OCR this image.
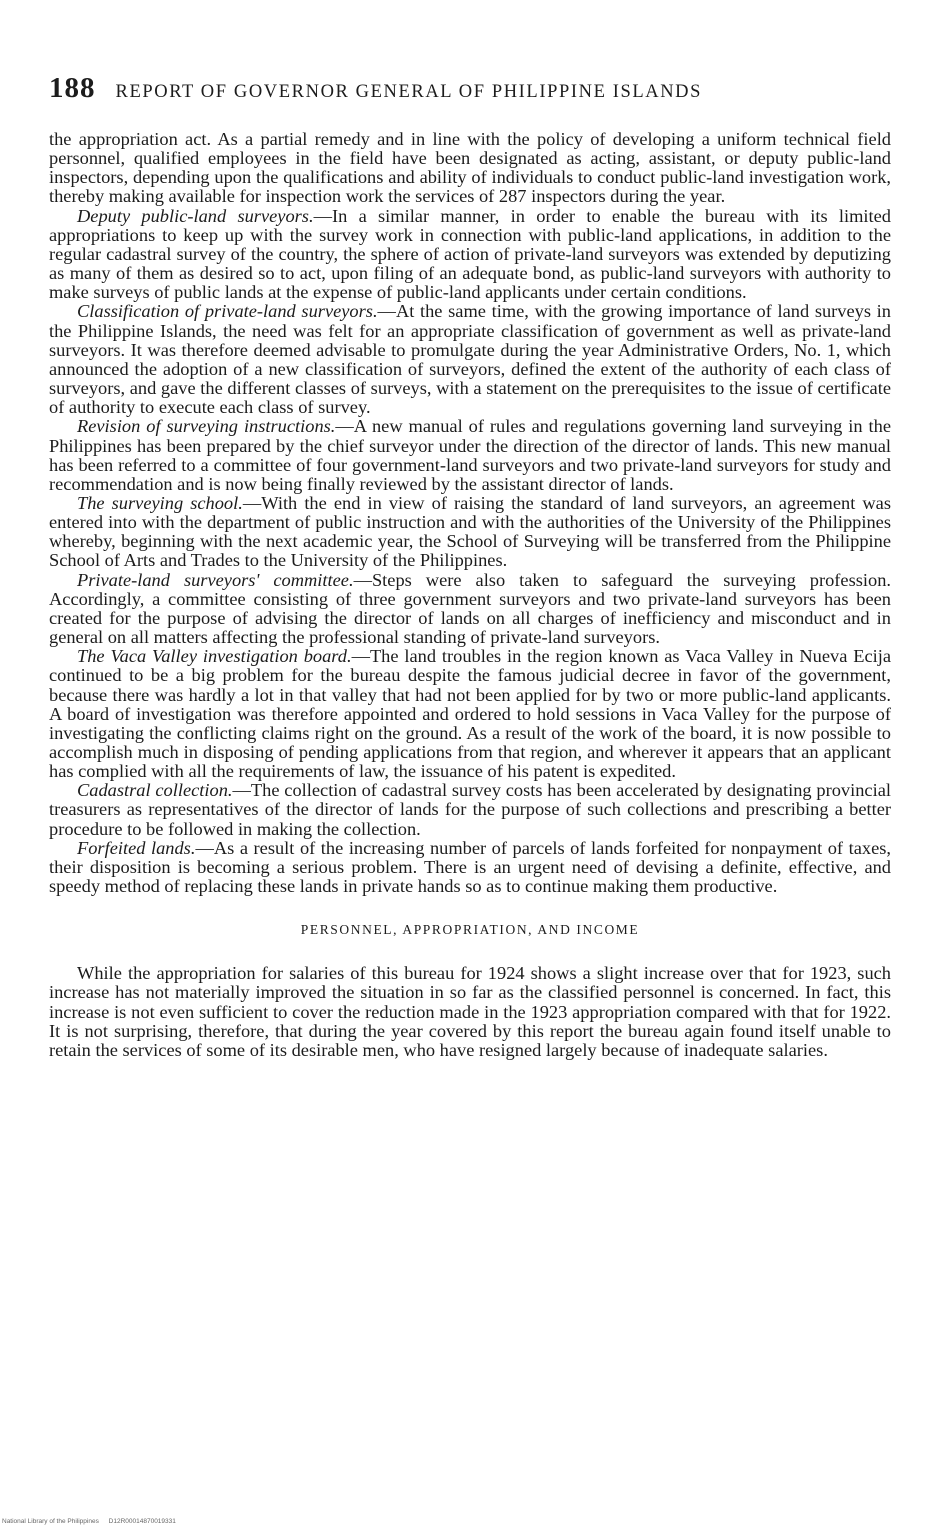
188 REPORT OF GOVERNOR GENERAL OF PHILIPPINE ISLANDS

the appropriation act. As a partial remedy and in line with the policy of developing a uniform technical field personnel, qualified employees in the field have been designated as acting, assistant, or deputy public-land inspectors, depending upon the qualifications and ability of individuals to conduct public-land investigation work, thereby making available for inspection work the services of 287 inspectors during the year.

Deputy public-land surveyors.—In a similar manner, in order to enable the bureau with its limited appropriations to keep up with the survey work in connection with public-land applications, in addition to the regular cadastral survey of the country, the sphere of action of private-land surveyors was extended by deputizing as many of them as desired so to act, upon filing of an adequate bond, as public-land surveyors with authority to make surveys of public lands at the expense of public-land applicants under certain conditions.

Classification of private-land surveyors.—At the same time, with the growing importance of land surveys in the Philippine Islands, the need was felt for an appropriate classification of government as well as private-land surveyors. It was therefore deemed advisable to promulgate during the year Administrative Orders, No. 1, which announced the adoption of a new classification of surveyors, defined the extent of the authority of each class of surveyors, and gave the different classes of surveys, with a statement on the prerequisites to the issue of certificate of authority to execute each class of survey.

Revision of surveying instructions.—A new manual of rules and regulations governing land surveying in the Philippines has been prepared by the chief surveyor under the direction of the director of lands. This new manual has been referred to a committee of four government-land surveyors and two private-land surveyors for study and recommendation and is now being finally reviewed by the assistant director of lands.

The surveying school.—With the end in view of raising the standard of land surveyors, an agreement was entered into with the department of public instruction and with the authorities of the University of the Philippines whereby, beginning with the next academic year, the School of Surveying will be transferred from the Philippine School of Arts and Trades to the University of the Philippines.

Private-land surveyors' committee.—Steps were also taken to safeguard the surveying profession. Accordingly, a committee consisting of three government surveyors and two private-land surveyors has been created for the purpose of advising the director of lands on all charges of inefficiency and misconduct and in general on all matters affecting the professional standing of private-land surveyors.

The Vaca Valley investigation board.—The land troubles in the region known as Vaca Valley in Nueva Ecija continued to be a big problem for the bureau despite the famous judicial decree in favor of the government, because there was hardly a lot in that valley that had not been applied for by two or more public-land applicants. A board of investigation was therefore appointed and ordered to hold sessions in Vaca Valley for the purpose of investigating the conflicting claims right on the ground. As a result of the work of the board, it is now possible to accomplish much in disposing of pending applications from that region, and wherever it appears that an applicant has complied with all the requirements of law, the issuance of his patent is expedited.

Cadastral collection.—The collection of cadastral survey costs has been accelerated by designating provincial treasurers as representatives of the director of lands for the purpose of such collections and prescribing a better procedure to be followed in making the collection.

Forfeited lands.—As a result of the increasing number of parcels of lands forfeited for nonpayment of taxes, their disposition is becoming a serious problem. There is an urgent need of devising a definite, effective, and speedy method of replacing these lands in private hands so as to continue making them productive.

PERSONNEL, APPROPRIATION, AND INCOME

While the appropriation for salaries of this bureau for 1924 shows a slight increase over that for 1923, such increase has not materially improved the situation in so far as the classified personnel is concerned. In fact, this increase is not even sufficient to cover the reduction made in the 1923 appropriation compared with that for 1922. It is not surprising, therefore, that during the year covered by this report the bureau again found itself unable to retain the services of some of its desirable men, who have resigned largely because of inadequate salaries.

National Library of the Philippines D12R00014870019331
